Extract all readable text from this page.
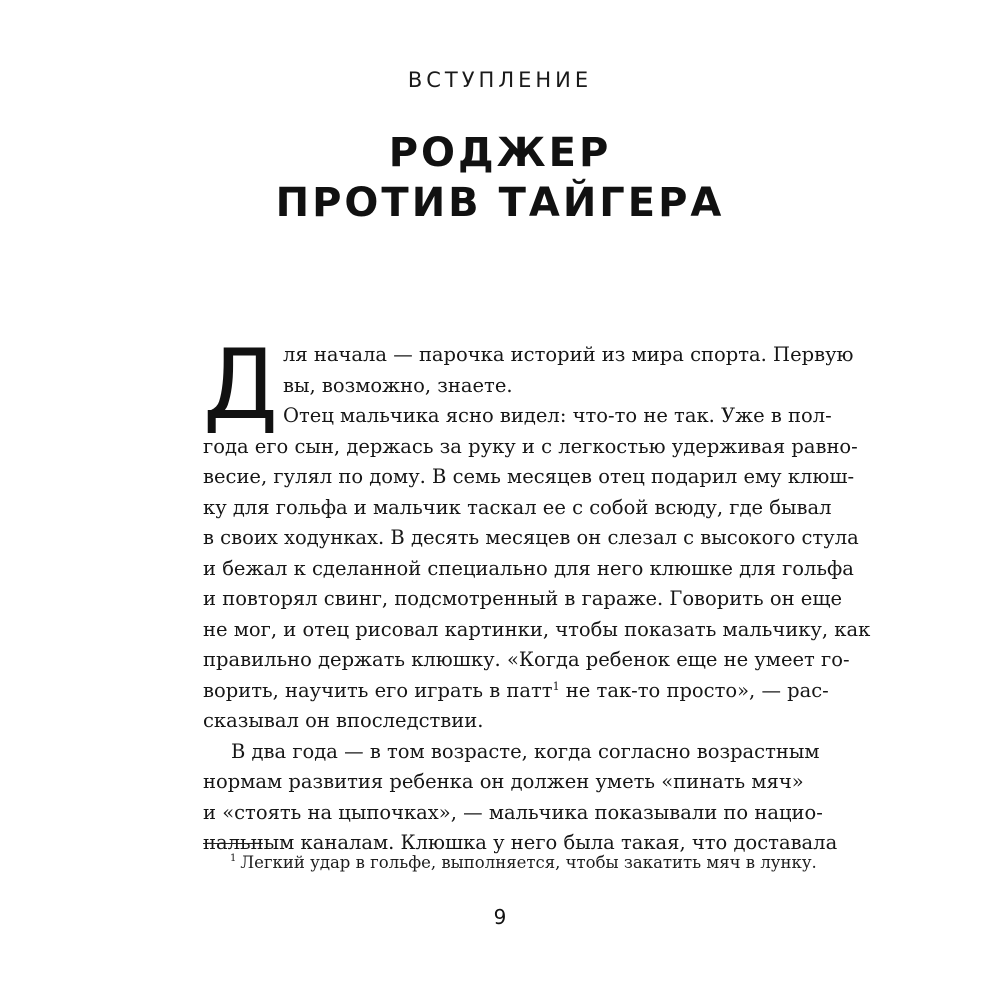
ВСТУПЛЕНИЕ
РОДЖЕР
ПРОТИВ ТАЙГЕРА
Д ля начала — парочка историй из мира спорта. Первую
вы, возможно, знаете.
Отец мальчика ясно видел: что-то не так. Уже в пол-
года его сын, держась за руку и с легкостью удерживая равно-
весие, гулял по дому. В семь месяцев отец подарил ему клюш-
ку для гольфа и мальчик таскал ее с собой всюду, где бывал
в своих ходунках. В десять месяцев он слезал с высокого стула
и бежал к сделанной специально для него клюшке для гольфа
и повторял свинг, подсмотренный в гараже. Говорить он еще
не мог, и отец рисовал картинки, чтобы показать мальчику, как
правильно держать клюшку. «Когда ребенок еще не умеет го-
ворить, научить его играть в патт$^1$ не так-то просто», — рас-
сказывал он впоследствии.
В два года — в том возрасте, когда согласно возрастным
нормам развития ребенка он должен уметь «пинать мяч»
и «стоять на цыпочках», — мальчика показывали по нацио-
нальным каналам. Клюшка у него была такая, что доставала
$^1$ Легкий удар в гольфе, выполняется, чтобы закатить мяч в лунку.
9
